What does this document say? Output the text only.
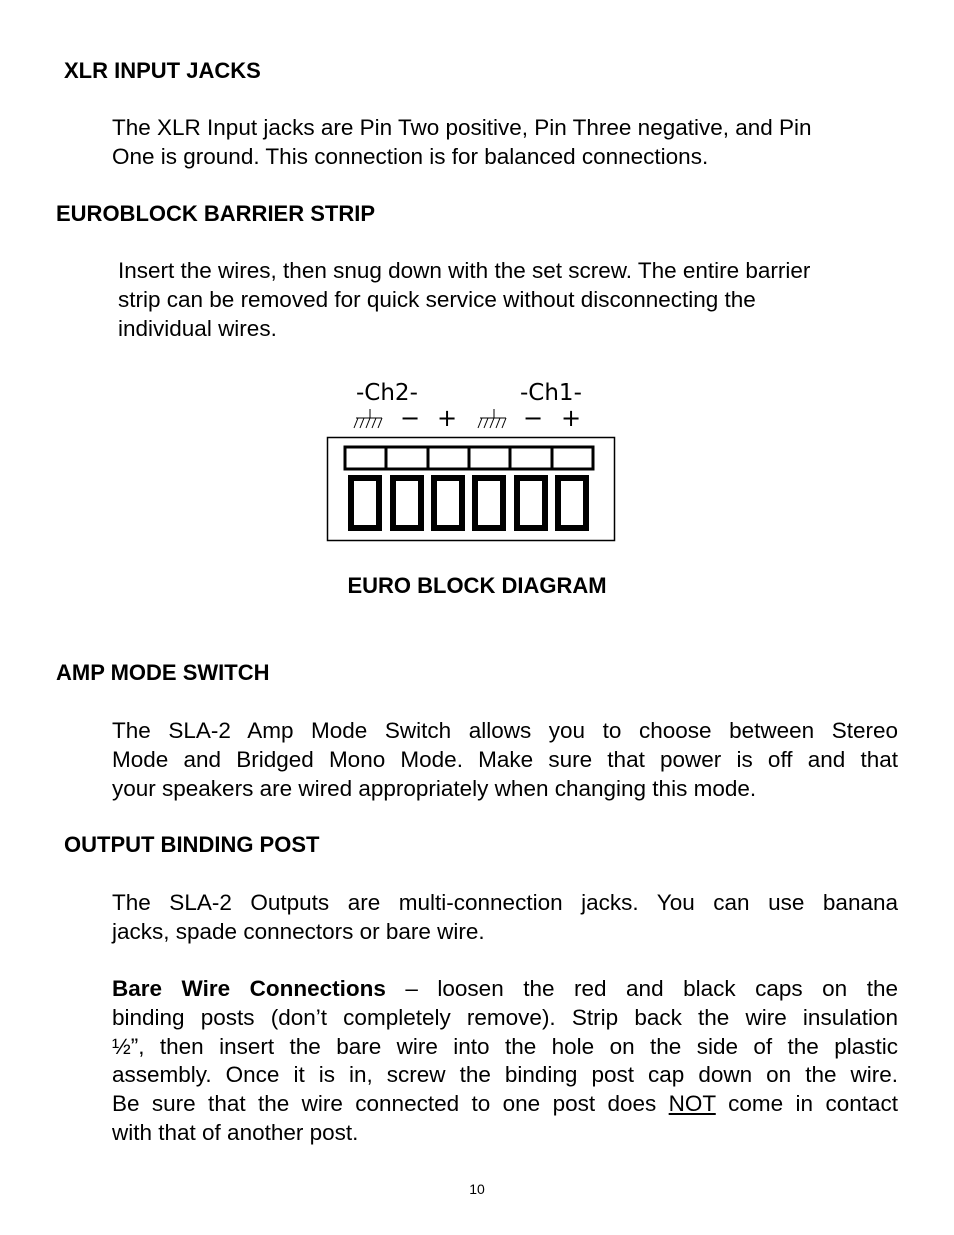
XLR INPUT JACKS
The XLR Input jacks are Pin Two positive, Pin Three negative, and Pin
One is ground. This connection is for balanced connections.
EUROBLOCK BARRIER STRIP
Insert the wires, then snug down with the set screw. The entire barrier
strip can be removed for quick service without disconnecting the
individual wires.
-Ch2-	-Ch1-
− +	− +
EURO BLOCK DIAGRAM
AMP MODE SWITCH
The SLA-2 Amp Mode Switch allows you to choose between Stereo
Mode and Bridged Mono Mode. Make sure that power is off and that
your speakers are wired appropriately when changing this mode.
OUTPUT BINDING POST
The SLA-2 Outputs are multi-connection jacks. You can use banana
jacks, spade connectors or bare wire.
Bare Wire Connections – loosen the red and black caps on the
binding posts (don’t completely remove). Strip back the wire insulation
½”, then insert the bare wire into the hole on the side of the plastic
assembly. Once it is in, screw the binding post cap down on the wire.
Be sure that the wire connected to one post does NOT come in contact
with that of another post.
10
